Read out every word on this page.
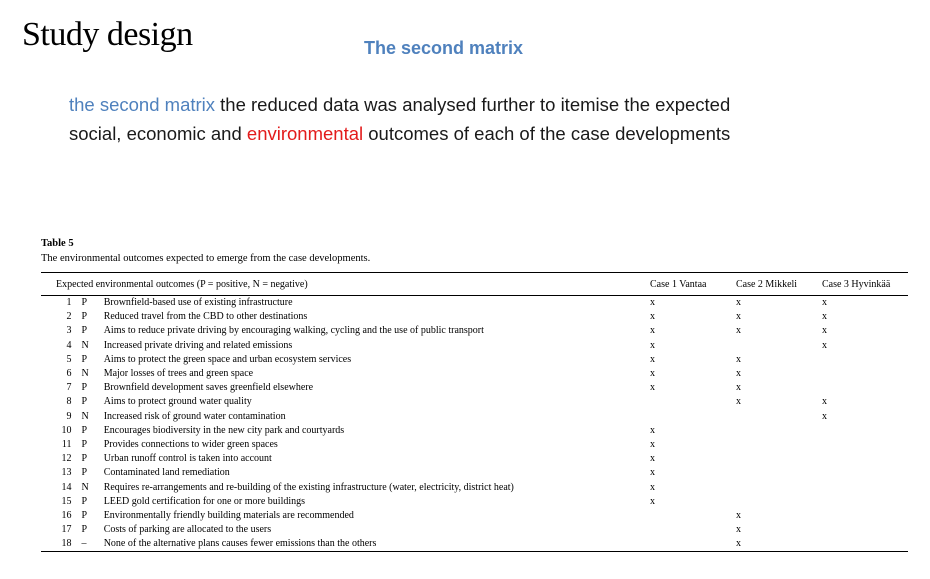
Study design	The second matrix
the second matrix the reduced data was analysed further to itemise the expected social, economic and environmental outcomes of each of the case developments
Table 5
The environmental outcomes expected to emerge from the case developments.
Expected environmental outcomes (P = positive, N = negative)			Case 1 Vantaa	Case 2 Mikkeli	Case 3 Hyvinkää
1	P	Brownfield-based use of existing infrastructure	x	x	x
2	P	Reduced travel from the CBD to other destinations	x	x	x
3	P	Aims to reduce private driving by encouraging walking, cycling and the use of public transport	x	x	x
4	N	Increased private driving and related emissions	x		x
5	P	Aims to protect the green space and urban ecosystem services	x	x	
6	N	Major losses of trees and green space	x	x	
7	P	Brownfield development saves greenfield elsewhere	x	x	
8	P	Aims to protect ground water quality		x	x
9	N	Increased risk of ground water contamination			x
10	P	Encourages biodiversity in the new city park and courtyards	x		
11	P	Provides connections to wider green spaces	x		
12	P	Urban runoff control is taken into account	x		
13	P	Contaminated land remediation	x		
14	N	Requires re-arrangements and re-building of the existing infrastructure (water, electricity, district heat)	x		
15	P	LEED gold certification for one or more buildings	x		
16	P	Environmentally friendly building materials are recommended		x	
17	P	Costs of parking are allocated to the users		x	
18	–	None of the alternative plans causes fewer emissions than the others		x	
